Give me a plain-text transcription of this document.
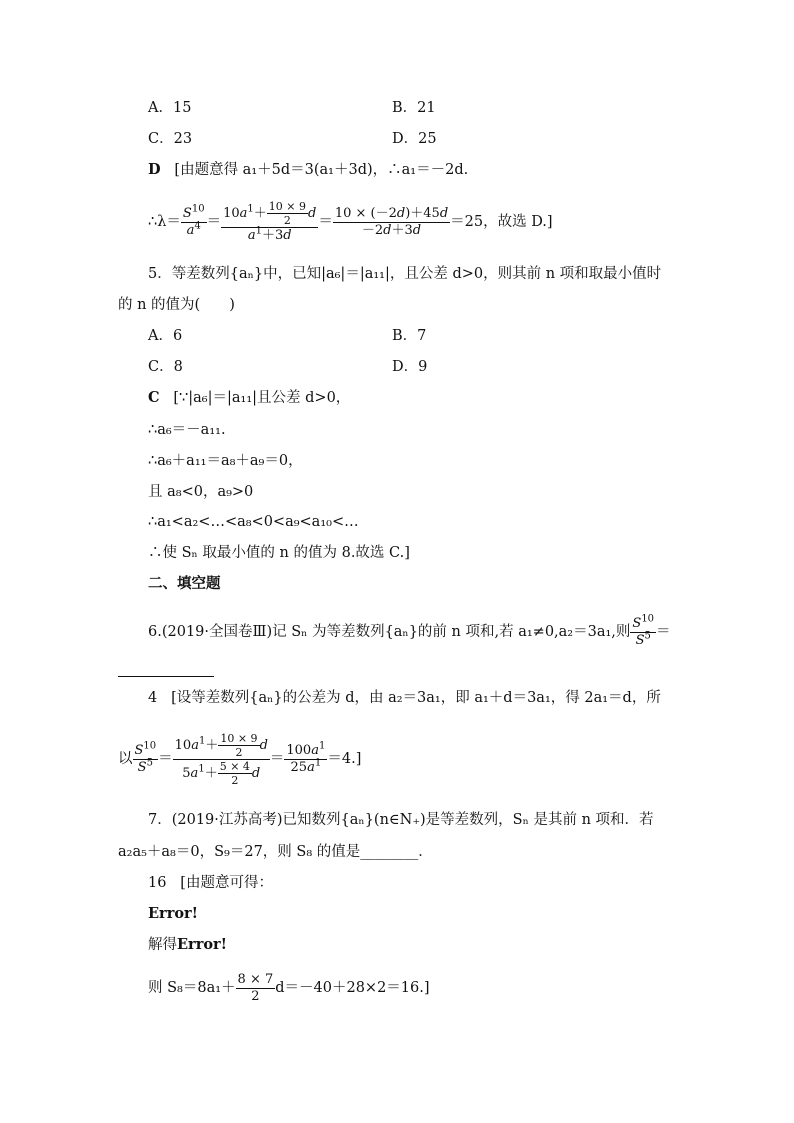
A．15	B．21
C．23	D．25
D [由题意得 a₁＋5d＝3(a₁＋3d)，∴a₁＝－2d.
∴λ＝ $\frac{S^{10}}{a^4} = \frac{10a^1+ \frac{10 \times 9}{2} d}{a^1+3d} = \frac{10 \times (-2d)+45d}{-2d+3d} =25$，故选 D.]
5．等差数列{aₙ}中，已知|a₆|＝|a₁₁|，且公差 d>0，则其前 n 项和取最小值时
的 n 的值为(　　)
A．6	B．7
C．8	D．9
C [∵|a₆|＝|a₁₁|且公差 d>0，
∴a₆＝－a₁₁.
∴a₆＋a₁₁＝a₈＋a₉＝0，
且 a₈<0，a₉>0
∴a₁<a₂<…<a₈<0<a₉<a₁₀<…
∴使 Sₙ 取最小值的 n 的值为 8.故选 C.]
二、填空题
6.(2019·全国卷Ⅲ)记 Sₙ 为等差数列{aₙ}的前 n 项和,若 a₁≠0,a₂＝3a₁,则 $\frac{S^{10}}{S^5}$ ＝
4 [设等差数列{aₙ}的公差为 d，由 a₂＝3a₁，即 a₁＋d＝3a₁，得 2a₁＝d，所
以 $\frac{S^{10}}{S^5} = \frac{10a^1+ \frac{10 \times 9}{2} d}{5a^1+ \frac{5 \times 4}{2} d} = \frac{100a^1}{25a^1} =4$.]
7．(2019·江苏高考)已知数列{aₙ}(n∈N₊)是等差数列，Sₙ 是其前 n 项和．若
a₂a₅＋a₈＝0，S₉＝27，则 S₈ 的值是________．
16 [由题意可得：
Error!
解得Error!
则 $S_8=8a_1+ \frac{8 \times 7}{2} d=-40+28\times 2=16$.]
